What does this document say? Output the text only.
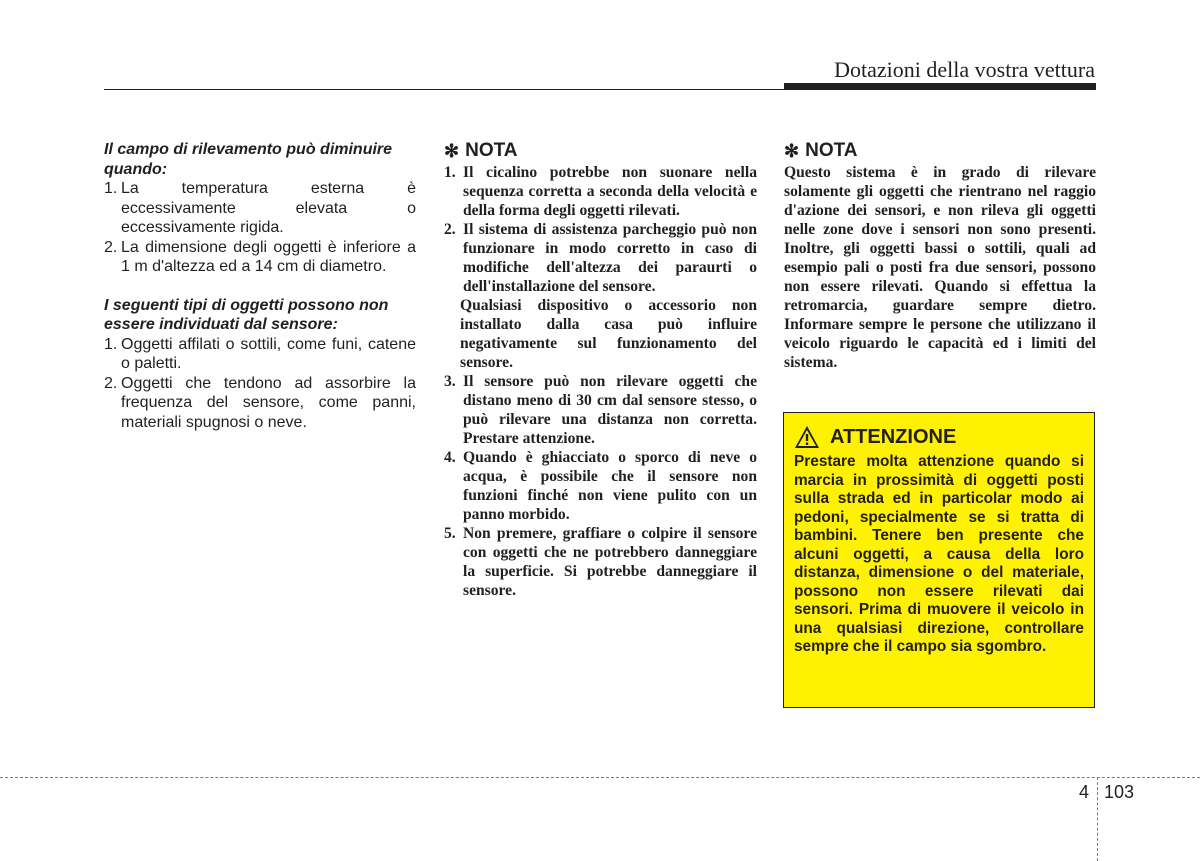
Dotazioni della vostra vettura

Il campo di rilevamento può diminuire quando:

1. La temperatura esterna è eccessivamente elevata o eccessivamente rigida.
2. La dimensione degli oggetti è inferiore a 1 m d'altezza ed a 14 cm di diametro.

I seguenti tipi di oggetti possono non essere individuati dal sensore:

1. Oggetti affilati o sottili, come funi, catene o paletti.
2. Oggetti che tendono ad assorbire la frequenza del sensore, come panni, materiali spugnosi o neve.
✻ NOTA
1. Il cicalino potrebbe non suonare nella sequenza corretta a seconda della velocità e della forma degli oggetti rilevati.
2. Il sistema di assistenza parcheggio può non funzionare in modo corretto in caso di modifiche dell'altezza dei paraurti o dell'installazione del sensore.
Qualsiasi dispositivo o accessorio non installato dalla casa può influire negativamente sul funzionamento del sensore.
3. Il sensore può non rilevare oggetti che distano meno di 30 cm dal sensore stesso, o può rilevare una distanza non corretta. Prestare attenzione.
4. Quando è ghiacciato o sporco di neve o acqua, è possibile che il sensore non funzioni finché non viene pulito con un panno morbido.
5. Non premere, graffiare o colpire il sensore con oggetti che ne potrebbero danneggiare la superficie. Si potrebbe danneggiare il sensore.
✻ NOTA

Questo sistema è in grado di rilevare solamente gli oggetti che rientrano nel raggio d'azione dei sensori, e non rileva gli oggetti nelle zone dove i sensori non sono presenti. Inoltre, gli oggetti bassi o sottili, quali ad esempio pali o posti fra due sensori, possono non essere rilevati. Quando si effettua la retromarcia, guardare sempre dietro. Informare sempre le persone che utilizzano il veicolo riguardo le capacità ed i limiti del sistema.

ATTENZIONE
Prestare molta attenzione quando si marcia in prossimità di oggetti posti sulla strada ed in particolar modo ai pedoni, specialmente se si tratta di bambini. Tenere ben presente che alcuni oggetti, a causa della loro distanza, dimensione o del materiale, possono non essere rilevati dai sensori. Prima di muovere il veicolo in una qualsiasi direzione, controllare sempre che il campo sia sgombro.
4 103
